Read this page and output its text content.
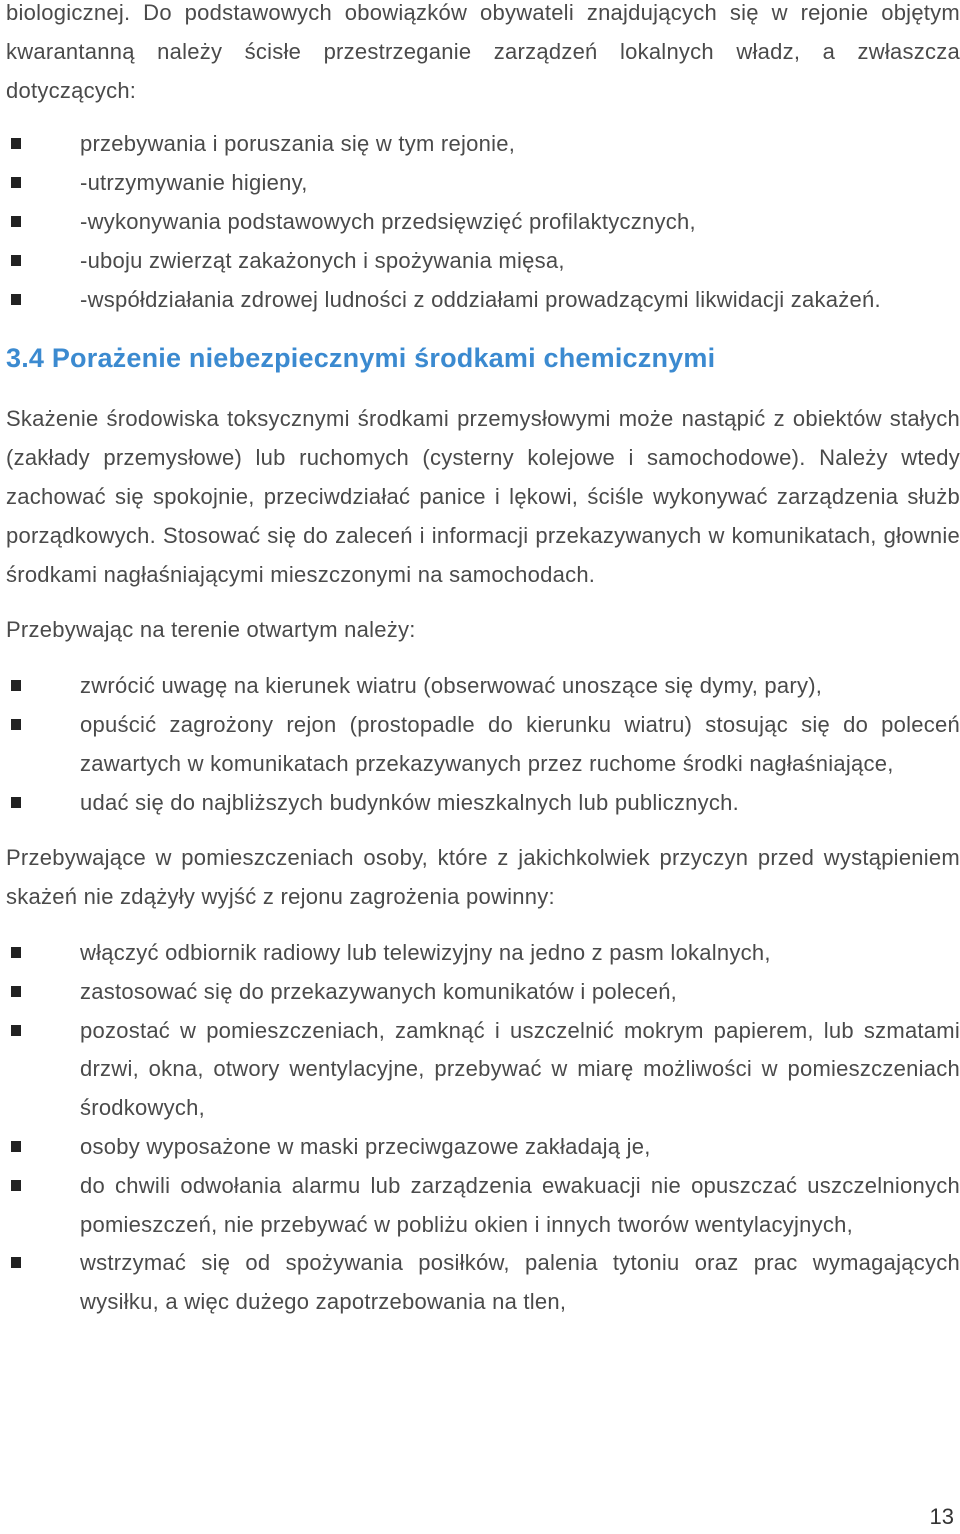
biologicznej. Do podstawowych obowiązków obywateli znajdujących się w rejonie objętym kwarantanną należy ścisłe przestrzeganie zarządzeń lokalnych władz, a zwłaszcza dotyczących:

przebywania i poruszania się w tym rejonie,
-utrzymywanie higieny,
-wykonywania podstawowych przedsięwzięć profilaktycznych,
-uboju zwierząt zakażonych i spożywania mięsa,
-współdziałania zdrowej ludności z oddziałami prowadzącymi likwidacji zakażeń.
3.4 Porażenie niebezpiecznymi środkami chemicznymi

Skażenie środowiska toksycznymi środkami przemysłowymi może nastąpić z obiektów stałych (zakłady przemysłowe) lub ruchomych (cysterny kolejowe i samochodowe). Należy wtedy zachować się spokojnie, przeciwdziałać panice i lękowi, ściśle wykonywać zarządzenia służb porządkowych. Stosować się do zaleceń i informacji przekazywanych w komunikatach, głownie środkami nagłaśniającymi mieszczonymi na samochodach.

Przebywając na terenie otwartym należy:

zwrócić uwagę na kierunek wiatru (obserwować unoszące się dymy, pary),
opuścić zagrożony rejon (prostopadle do kierunku wiatru) stosując się do poleceń zawartych w komunikatach przekazywanych przez ruchome środki nagłaśniające,
udać się do najbliższych budynków mieszkalnych lub publicznych.

Przebywające w pomieszczeniach osoby, które z jakichkolwiek przyczyn przed wystąpieniem skażeń nie zdążyły wyjść z rejonu zagrożenia powinny:

włączyć odbiornik radiowy lub telewizyjny na jedno z pasm lokalnych,
zastosować się do przekazywanych komunikatów i poleceń,
pozostać w pomieszczeniach, zamknąć i uszczelnić mokrym papierem, lub szmatami drzwi, okna, otwory wentylacyjne, przebywać w miarę możliwości w pomieszczeniach środkowych,
osoby wyposażone w maski przeciwgazowe zakładają je,
do chwili odwołania alarmu lub zarządzenia ewakuacji nie opuszczać uszczelnionych pomieszczeń, nie przebywać w pobliżu okien i innych tworów wentylacyjnych,
wstrzymać się od spożywania posiłków, palenia tytoniu oraz prac wymagających wysiłku, a więc dużego zapotrzebowania na tlen,
13
